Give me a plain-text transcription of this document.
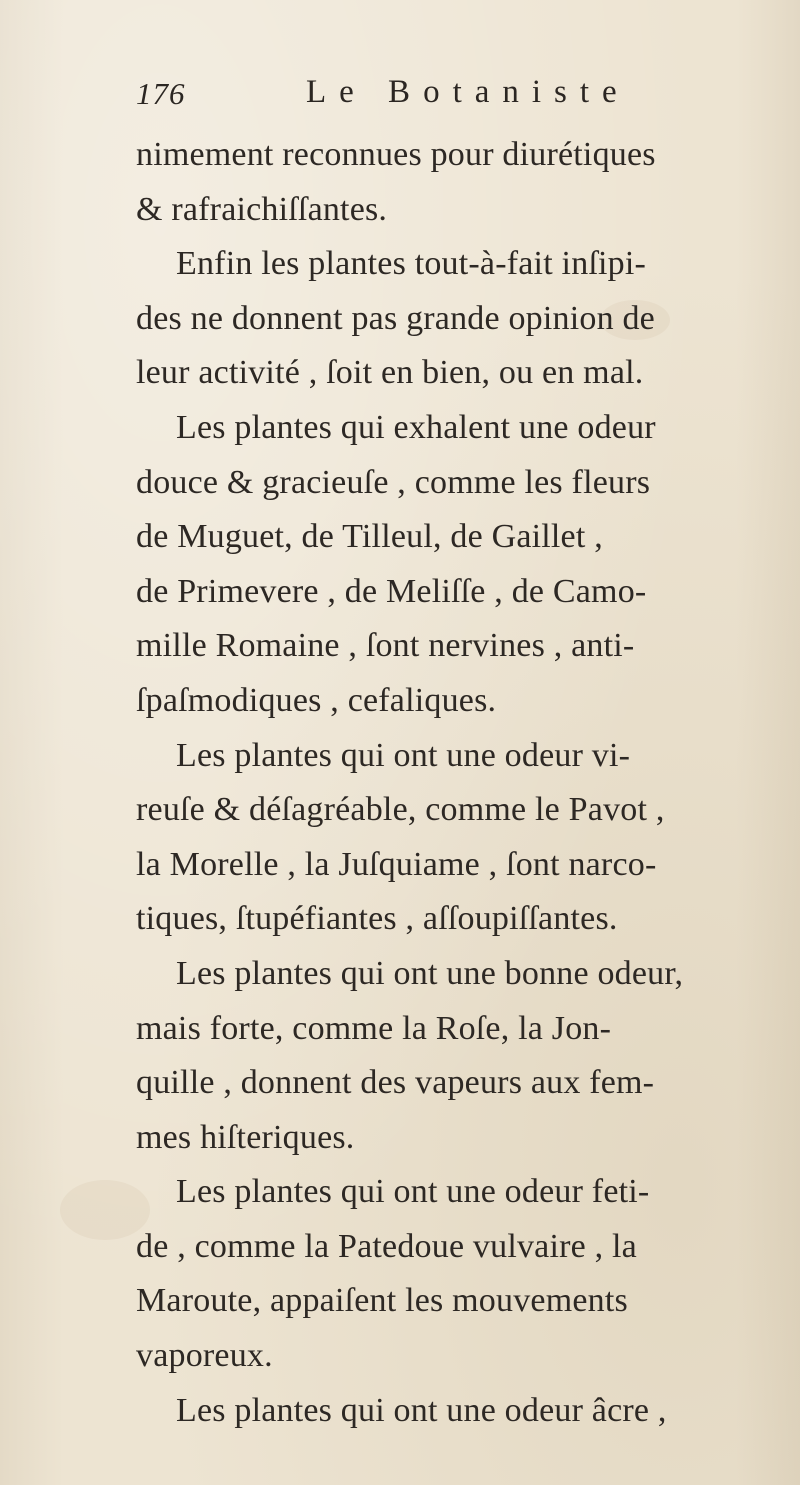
176	Le Botaniste
nimement reconnues pour diurétiques
& rafraichiſſantes.
Enfin les plantes tout-à-fait inſipi-
des ne donnent pas grande opinion de
leur activité , ſoit en bien, ou en mal.
Les plantes qui exhalent une odeur
douce & gracieuſe , comme les fleurs
de Muguet, de Tilleul, de Gaillet ,
de Primevere , de Meliſſe , de Camo-
mille Romaine , ſont nervines , anti-
ſpaſmodiques , cefaliques.
Les plantes qui ont une odeur vi-
reuſe & déſagréable, comme le Pavot ,
la Morelle , la Juſquiame , ſont narco-
tiques, ſtupéfiantes , aſſoupiſſantes.
Les plantes qui ont une bonne odeur,
mais forte, comme la Roſe, la Jon-
quille , donnent des vapeurs aux fem-
mes hiſteriques.
Les plantes qui ont une odeur feti-
de , comme la Patedoue vulvaire , la
Maroute, appaiſent les mouvements
vaporeux.
Les plantes qui ont une odeur âcre ,
